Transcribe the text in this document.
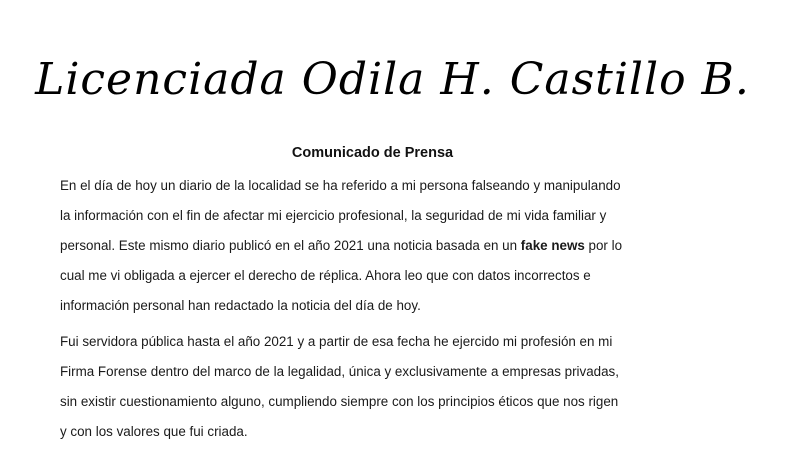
Licenciada Odila H. Castillo B.
Comunicado de Prensa
En el día de hoy un diario de la localidad se ha referido a mi persona falseando y manipulando
la información con el fin de afectar mi ejercicio profesional, la seguridad de mi vida familiar y
personal. Este mismo diario publicó en el año 2021 una noticia basada en un fake news por lo
cual me vi obligada a ejercer el derecho de réplica. Ahora leo que con datos incorrectos e
información personal han redactado la noticia del día de hoy.
Fui servidora pública hasta el año 2021 y a partir de esa fecha he ejercido mi profesión en mi
Firma Forense dentro del marco de la legalidad, única y exclusivamente a empresas privadas,
sin existir cuestionamiento alguno, cumpliendo siempre con los principios éticos que nos rigen
y con los valores que fui criada.
